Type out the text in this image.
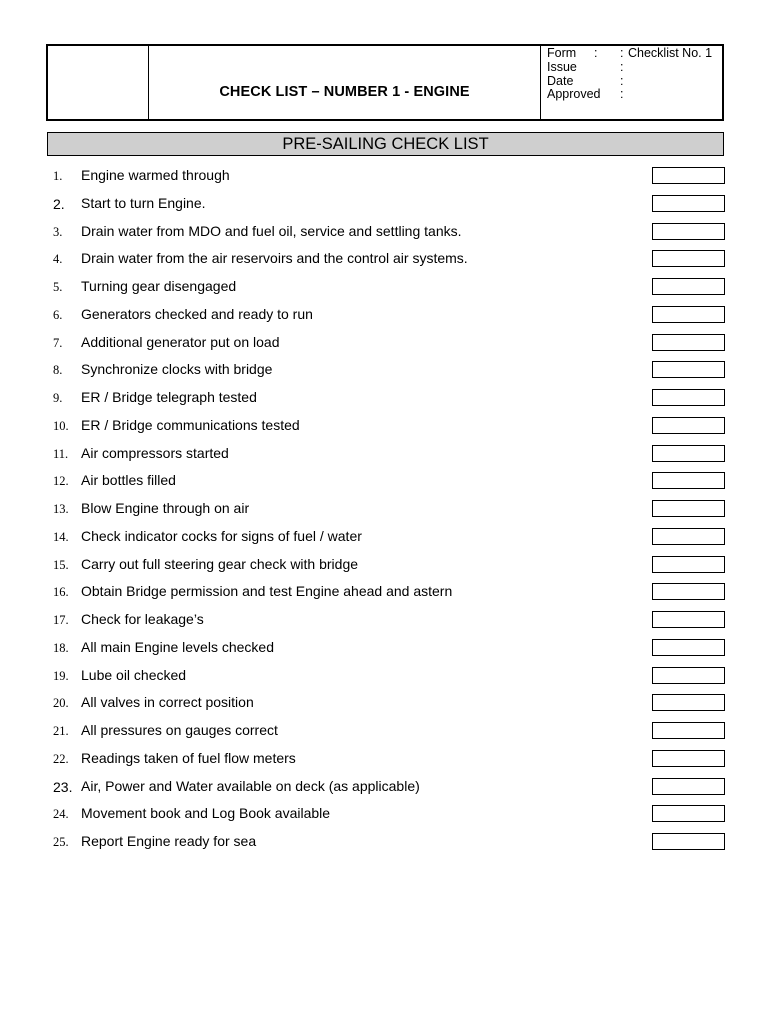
CHECK LIST – NUMBER 1 - ENGINE
Form : : Checklist No. 1
Issue	:
Date	:
Approved :
PRE-SAILING CHECK LIST
1. Engine warmed through
2. Start to turn Engine.
3. Drain water from MDO and fuel oil, service and settling tanks.
4. Drain water from the air reservoirs and the control air systems.
5. Turning gear disengaged
6. Generators checked and ready to run
7. Additional generator put on load
8. Synchronize clocks with bridge
9. ER / Bridge telegraph tested
10. ER / Bridge communications tested
11. Air compressors started
12. Air bottles filled
13. Blow Engine through on air
14. Check indicator cocks for signs of fuel / water
15. Carry out full steering gear check with bridge
16. Obtain Bridge permission and test Engine ahead and astern
17. Check for leakage’s
18. All main Engine levels checked
19. Lube oil checked
20. All valves in correct position
21. All pressures on gauges correct
22. Readings taken of fuel flow meters
23. Air, Power and Water available on deck (as applicable)
24. Movement book and Log Book available
25. Report Engine ready for sea
